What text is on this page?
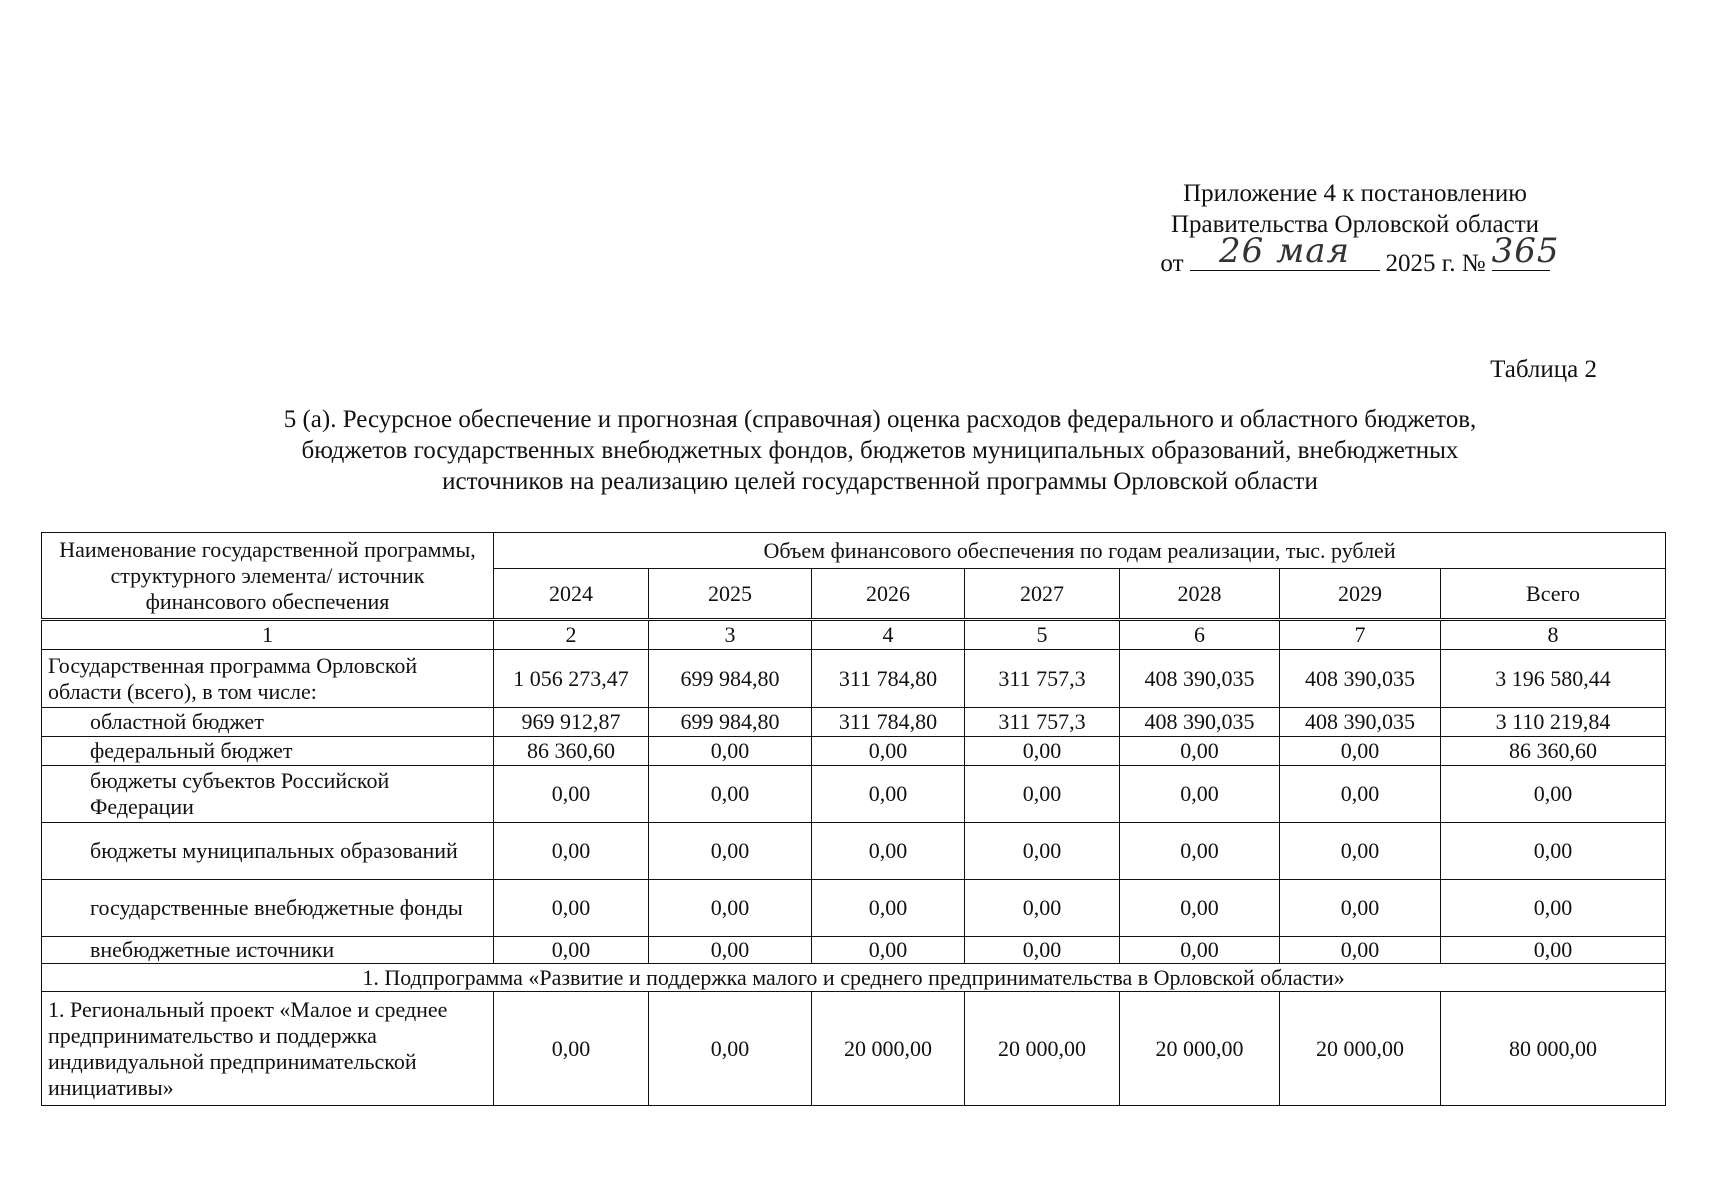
Приложение 4 к постановлению
Правительства Орловской области
от	26 мая	2025 г. № 365
Таблица 2
5 (а). Ресурсное обеспечение и прогнозная (справочная) оценка расходов федерального и областного бюджетов,
бюджетов государственных внебюджетных фондов, бюджетов муниципальных образований, внебюджетных
источников на реализацию целей государственной программы Орловской области
Наименование государственной программы, структурного элемента/ источник финансового обеспечения	Объем финансового обеспечения по годам реализации, тыс. рублей						
	2024	2025	2026	2027	2028	2029	Всего
1	2	3	4	5	6	7	8
Государственная программа Орловской области (всего), в том числе:	1 056 273,47	699 984,80	311 784,80	311 757,3	408 390,035	408 390,035	3 196 580,44
областной бюджет	969 912,87	699 984,80	311 784,80	311 757,3	408 390,035	408 390,035	3 110 219,84
федеральный бюджет	86 360,60	0,00	0,00	0,00	0,00	0,00	86 360,60
бюджеты субъектов Российской Федерации	0,00	0,00	0,00	0,00	0,00	0,00	0,00
бюджеты муниципальных образований	0,00	0,00	0,00	0,00	0,00	0,00	0,00
государственные внебюджетные фонды	0,00	0,00	0,00	0,00	0,00	0,00	0,00
внебюджетные источники	0,00	0,00	0,00	0,00	0,00	0,00	0,00
1. Подпрограмма «Развитие и поддержка малого и среднего предпринимательства в Орловской области»							
1. Региональный проект «Малое и среднее предпринимательство и поддержка индивидуальной предпринимательской инициативы»	0,00	0,00	20 000,00	20 000,00	20 000,00	20 000,00	80 000,00
